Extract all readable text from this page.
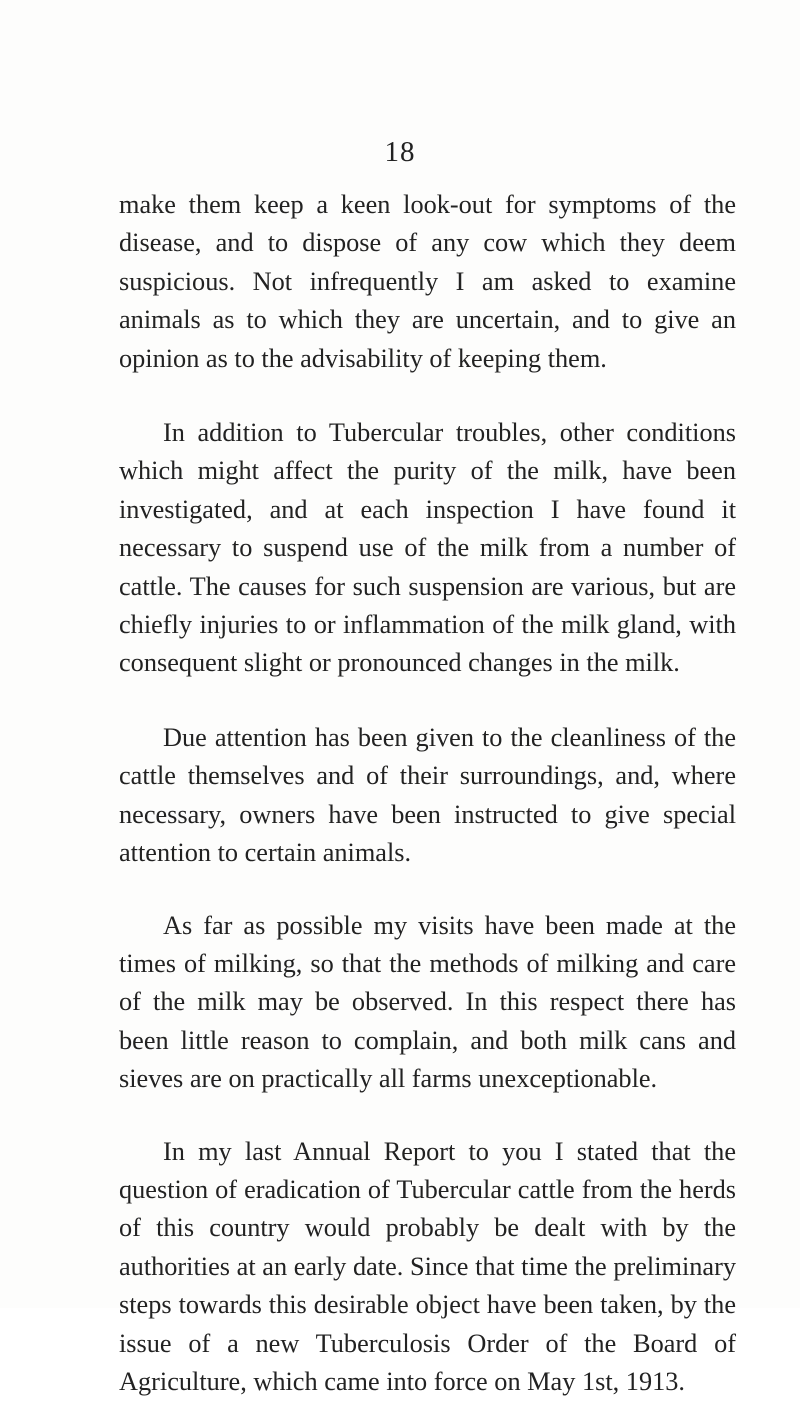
18

make them keep a keen look-out for symptoms of the disease, and to dispose of any cow which they deem suspicious. Not infrequently I am asked to examine animals as to which they are uncertain, and to give an opinion as to the advisability of keeping them.

In addition to Tubercular troubles, other conditions which might affect the purity of the milk, have been investigated, and at each inspection I have found it necessary to suspend use of the milk from a number of cattle. The causes for such suspension are various, but are chiefly injuries to or inflammation of the milk gland, with consequent slight or pronounced changes in the milk.

Due attention has been given to the cleanliness of the cattle themselves and of their surroundings, and, where necessary, owners have been instructed to give special attention to certain animals.

As far as possible my visits have been made at the times of milking, so that the methods of milking and care of the milk may be observed. In this respect there has been little reason to complain, and both milk cans and sieves are on practically all farms unexceptionable.

In my last Annual Report to you I stated that the question of eradication of Tubercular cattle from the herds of this country would probably be dealt with by the authorities at an early date. Since that time the preliminary steps towards this desirable object have been taken, by the issue of a new Tuberculosis Order of the Board of Agriculture, which came into force on May 1st, 1913.
